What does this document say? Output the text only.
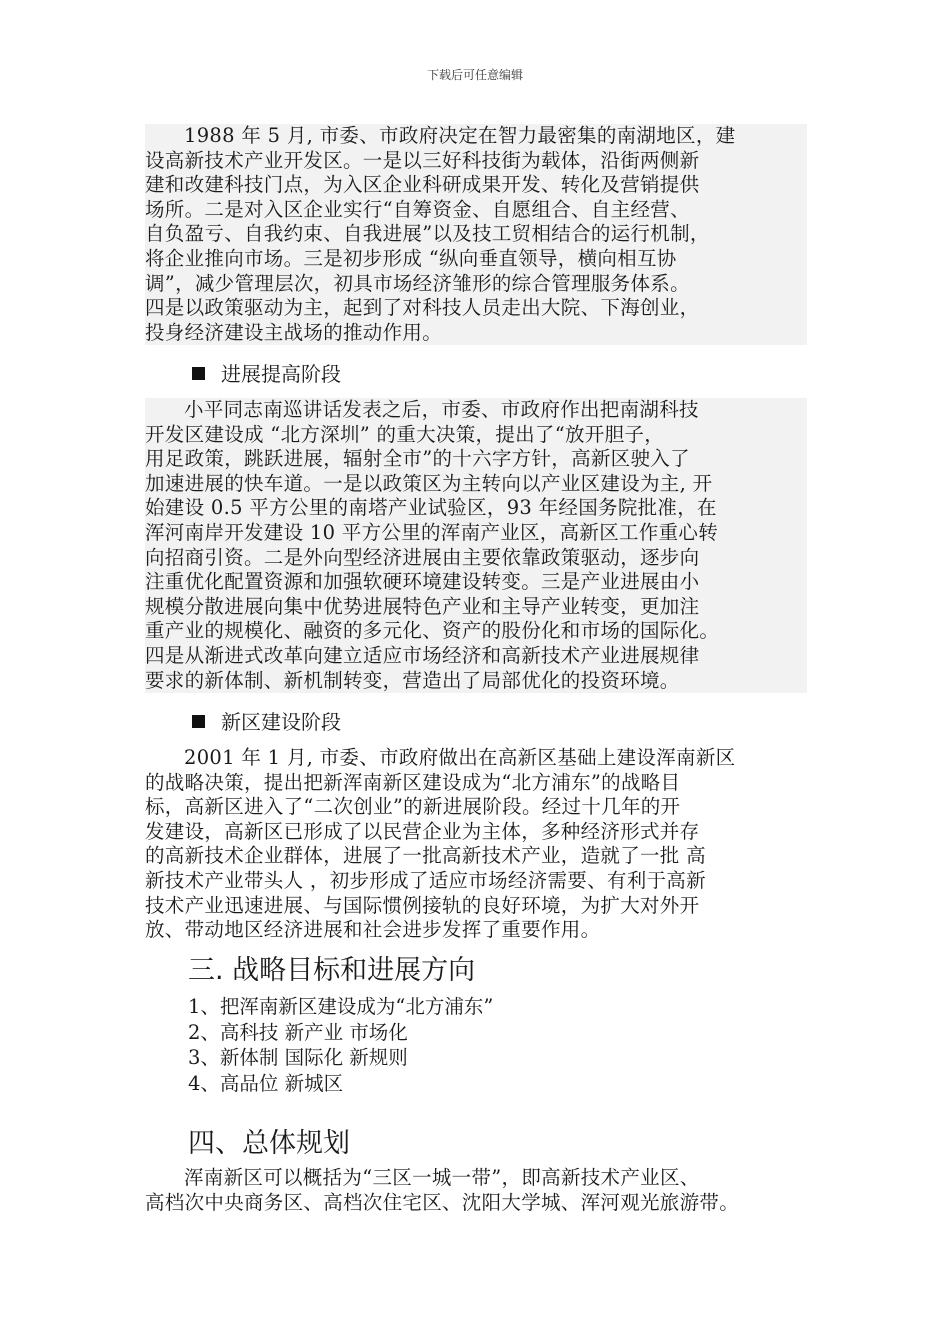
下载后可任意编辑
1988 年 5 月, 市委、市政府决定在智力最密集的南湖地区，建
设高新技术产业开发区。一是以三好科技街为载体，沿街两侧新
建和改建科技门点，为入区企业科研成果开发、转化及营销提供
场所。二是对入区企业实行“自筹资金、自愿组合、自主经营、
自负盈亏、自我约束、自我进展”以及技工贸相结合的运行机制，
将企业推向市场。三是初步形成 “纵向垂直领导，横向相互协
调”，减少管理层次，初具市场经济雏形的综合管理服务体系。
四是以政策驱动为主，起到了对科技人员走出大院、下海创业，
投身经济建设主战场的推动作用。
进展提高阶段
小平同志南巡讲话发表之后，市委、市政府作出把南湖科技
开发区建设成 “北方深圳” 的重大决策，提出了“放开胆子，
用足政策，跳跃进展，辐射全市”的十六字方针，高新区驶入了
加速进展的快车道。一是以政策区为主转向以产业区建设为主, 开
始建设 0.5 平方公里的南塔产业试验区，93 年经国务院批准，在
浑河南岸开发建设 10 平方公里的浑南产业区，高新区工作重心转
向招商引资。二是外向型经济进展由主要依靠政策驱动，逐步向
注重优化配置资源和加强软硬环境建设转变。三是产业进展由小
规模分散进展向集中优势进展特色产业和主导产业转变，更加注
重产业的规模化、融资的多元化、资产的股份化和市场的国际化。
四是从渐进式改革向建立适应市场经济和高新技术产业进展规律
要求的新体制、新机制转变，营造出了局部优化的投资环境。
新区建设阶段
2001 年 1 月, 市委、市政府做出在高新区基础上建设浑南新区
的战略决策，提出把新浑南新区建设成为“北方浦东”的战略目
标，高新区进入了“二次创业”的新进展阶段。经过十几年的开
发建设，高新区已形成了以民营企业为主体，多种经济形式并存
的高新技术企业群体，进展了一批高新技术产业，造就了一批 高
新技术产业带头人 ，初步形成了适应市场经济需要、有利于高新
技术产业迅速进展、与国际惯例接轨的良好环境，为扩大对外开
放、带动地区经济进展和社会进步发挥了重要作用。
三. 战略目标和进展方向
1、把浑南新区建设成为“北方浦东”
2、高科技 新产业 市场化
3、新体制 国际化 新规则
4、高品位 新城区
四、总体规划
浑南新区可以概括为“三区一城一带”，即高新技术产业区、
高档次中央商务区、高档次住宅区、沈阳大学城、浑河观光旅游带。
